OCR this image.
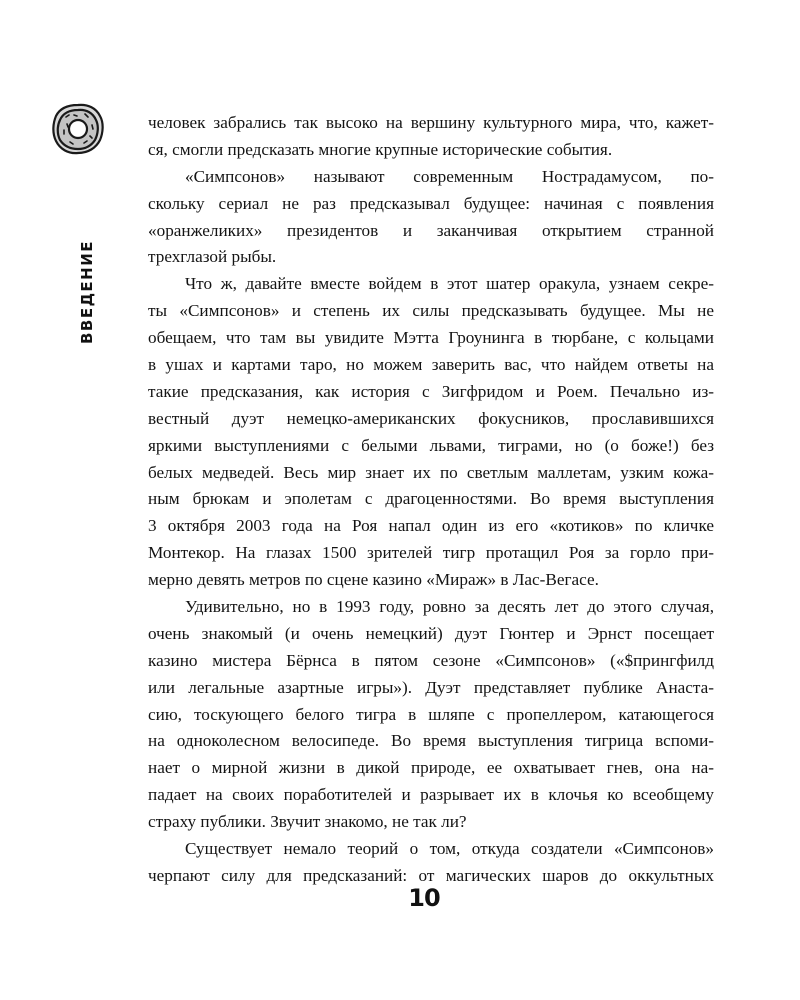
ВВЕДЕНИЕ
человек забрались так высоко на вершину культурного мира, что, кажет-
ся, смогли предсказать многие крупные исторические события.
«Симпсонов» называют современным Нострадамусом, по-
скольку сериал не раз предсказывал будущее: начиная с появления
«оранжеликих» президентов и заканчивая открытием странной
трехглазой рыбы.
Что ж, давайте вместе войдем в этот шатер оракула, узнаем секре-
ты «Симпсонов» и степень их силы предсказывать будущее. Мы не
обещаем, что там вы увидите Мэтта Гроунинга в тюрбане, с кольцами
в ушах и картами таро, но можем заверить вас, что найдем ответы на
такие предсказания, как история с Зигфридом и Роем. Печально из-
вестный дуэт немецко-американских фокусников, прославившихся
яркими выступлениями с белыми львами, тиграми, но (о боже!) без
белых медведей. Весь мир знает их по светлым маллетам, узким кожа-
ным брюкам и эполетам с драгоценностями. Во время выступления
3 октября 2003 года на Роя напал один из его «котиков» по кличке
Монтекор. На глазах 1500 зрителей тигр протащил Роя за горло при-
мерно девять метров по сцене казино «Мираж» в Лас-Вегасе.
Удивительно, но в 1993 году, ровно за десять лет до этого случая,
очень знакомый (и очень немецкий) дуэт Гюнтер и Эрнст посещает
казино мистера Бёрнса в пятом сезоне «Симпсонов» («$прингфилд
или легальные азартные игры»). Дуэт представляет публике Анаста-
сию, тоскующего белого тигра в шляпе с пропеллером, катающегося
на одноколесном велосипеде. Во время выступления тигрица вспоми-
нает о мирной жизни в дикой природе, ее охватывает гнев, она на-
падает на своих поработителей и разрывает их в клочья ко всеобщему
страху публики. Звучит знакомо, не так ли?
Существует немало теорий о том, откуда создатели «Симпсонов»
черпают силу для предсказаний: от магических шаров до оккультных
10
